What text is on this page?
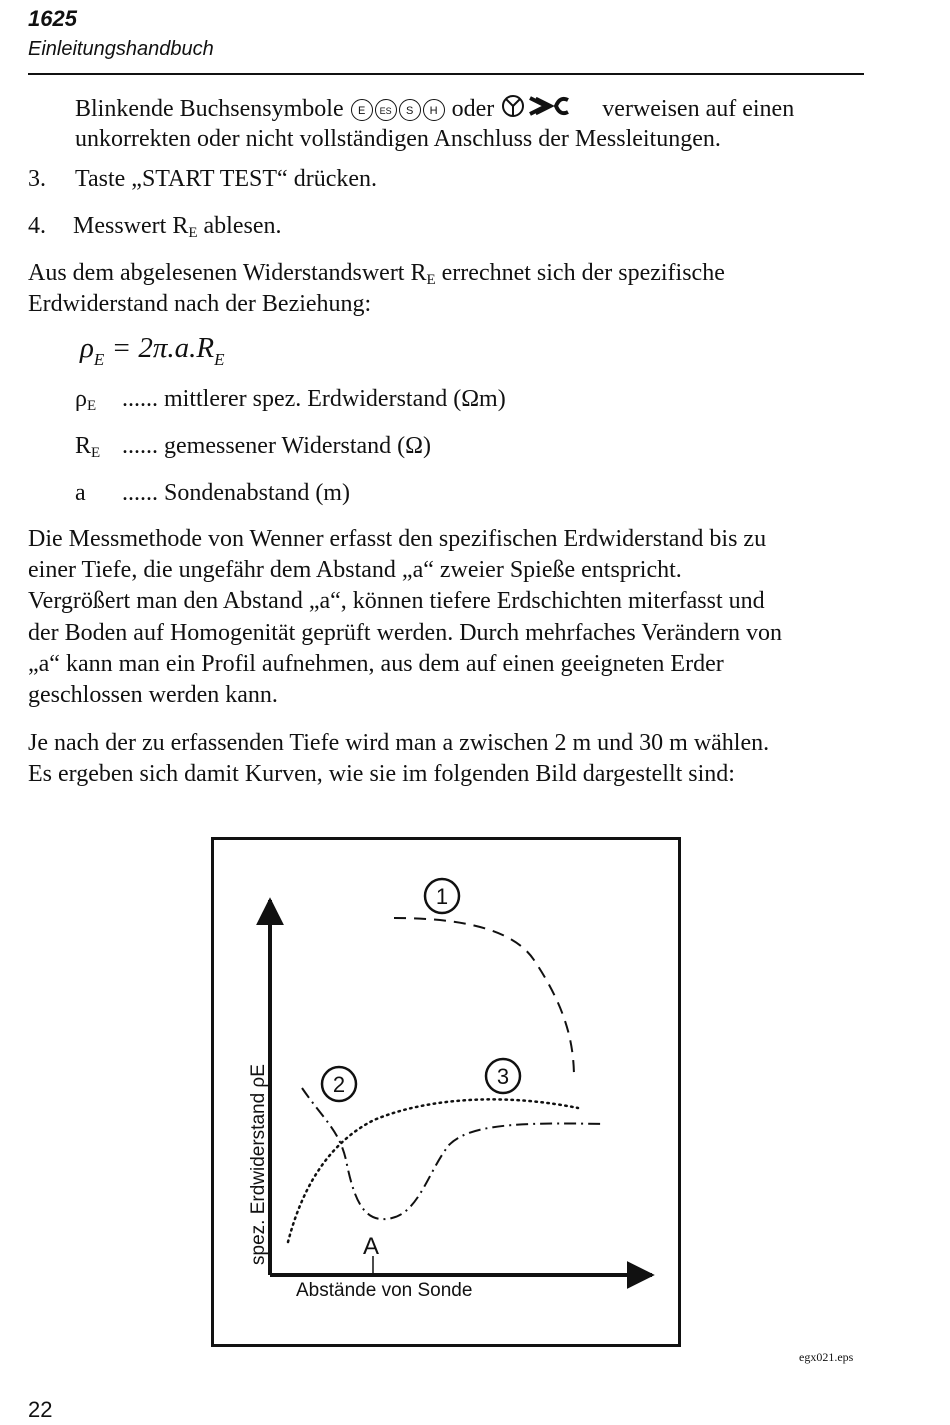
1625
Einleitungshandbuch
Blinkende Buchsensymbole E ES S H oder	verweisen auf einen
unkorrekten oder nicht vollständigen Anschluss der Messleitungen.
3. Taste „START TEST“ drücken.
4. Messwert $R_E$ ablesen.
Aus dem abgelesenen Widerstandswert $R_E$ errechnet sich der spezifische
Erdwiderstand nach der Beziehung:
$\rho_E = 2\pi.a.R_E$
$\rho_E$ ...... mittlerer spez. Erdwiderstand (Ωm)
$R_E$ ...... gemessener Widerstand (Ω)
a ...... Sondenabstand (m)
Die Messmethode von Wenner erfasst den spezifischen Erdwiderstand bis zu
einer Tiefe, die ungefähr dem Abstand „a“ zweier Spieße entspricht.
Vergrößert man den Abstand „a“, können tiefere Erdschichten miterfasst und
der Boden auf Homogenität geprüft werden. Durch mehrfaches Verändern von
„a“ kann man ein Profil aufnehmen, aus dem auf einen geeigneten Erder
geschlossen werden kann.
Je nach der zu erfassenden Tiefe wird man a zwischen 2 m und 30 m wählen.
Es ergeben sich damit Kurven, wie sie im folgenden Bild dargestellt sind:
A
1
2	3
spez. Erdwiderstand ρE
Abstände von Sonde
egx021.eps
22
